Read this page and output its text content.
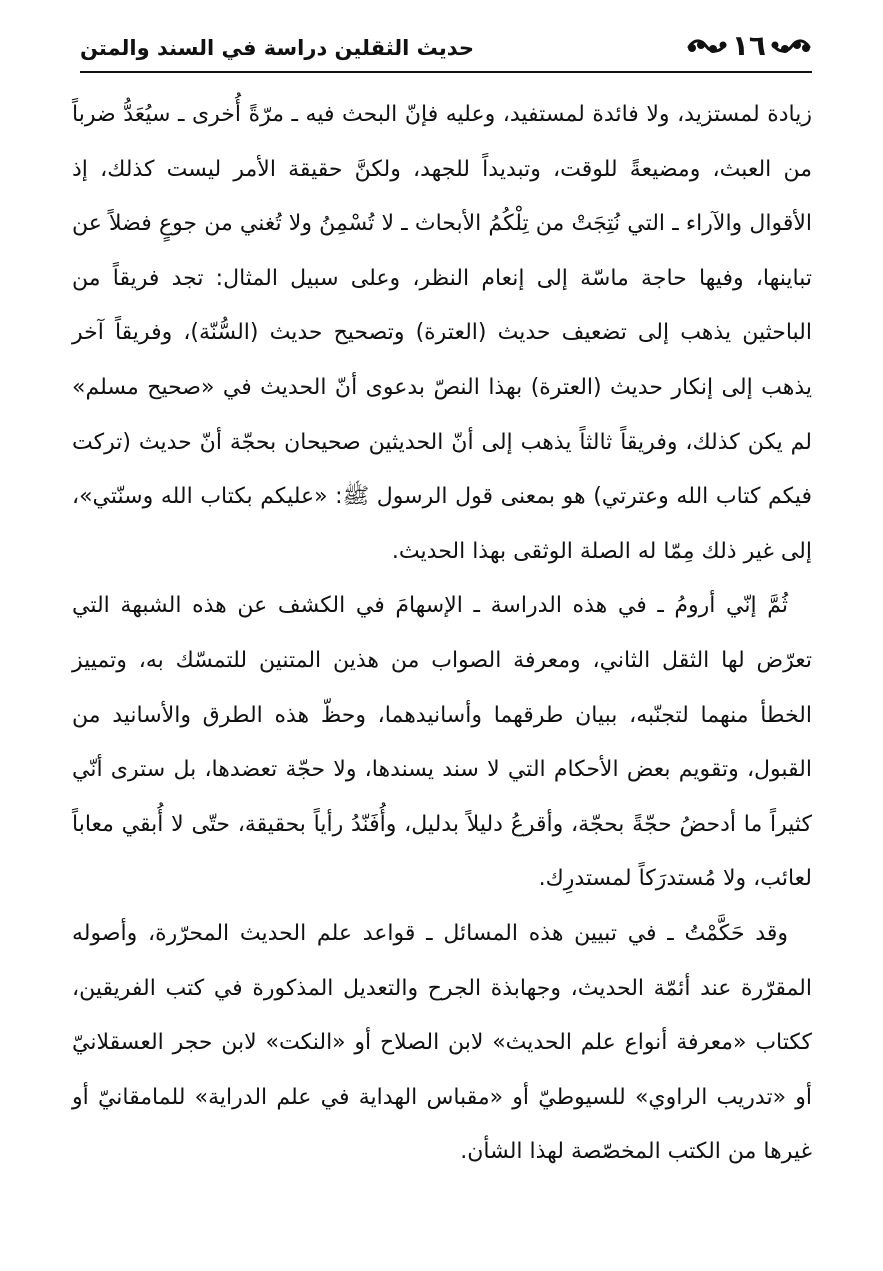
١٦
حديث الثقلين دراسة في السند والمتن

زيادة لمستزيد، ولا فائدة لمستفيد، وعليه فإنّ البحث فيه ـ مرّةً أُخرى ـ سيُعَدُّ ضرباً من العبث، ومضيعةً للوقت، وتبديداً للجهد، ولكنَّ حقيقة الأمر ليست كذلك، إذ الأقوال والآراء ـ التي نُتِجَتْ من تِلْكُمُ الأبحاث ـ لا تُسْمِنُ ولا تُغني من جوعٍ فضلاً عن تباينها، وفيها حاجة ماسّة إلى إنعام النظر، وعلى سبيل المثال: تجد فريقاً من الباحثين يذهب إلى تضعيف حديث (العترة) وتصحيح حديث (السُّنّة)، وفريقاً آخر يذهب إلى إنكار حديث (العترة) بهذا النصّ بدعوى أنّ الحديث في «صحيح مسلم» لم يكن كذلك، وفريقاً ثالثاً يذهب إلى أنّ الحديثين صحيحان بحجّة أنّ حديث (تركت فيكم كتاب الله وعترتي) هو بمعنى قول الرسول ﷺ: «عليكم بكتاب الله وسنّتي»، إلى غير ذلك مِمّا له الصلة الوثقى بهذا الحديث.

ثُمَّ إنّي أرومُ ـ في هذه الدراسة ـ الإسهامَ في الكشف عن هذه الشبهة التي تعرّض لها الثقل الثاني، ومعرفة الصواب من هذين المتنين للتمسّك به، وتمييز الخطأ منهما لتجنّبه، ببيان طرقهما وأسانيدهما، وحظّ هذه الطرق والأسانيد من القبول، وتقويم بعض الأحكام التي لا سند يسندها، ولا حجّة تعضدها، بل سترى أنّي كثيراً ما أدحضُ حجّةً بحجّة، وأقرعُ دليلاً بدليل، وأُفَنّدُ رأياً بحقيقة، حتّى لا أُبقي معاباً لعائب، ولا مُستدرَكاً لمستدرِك.

وقد حَكَّمْتُ ـ في تبيين هذه المسائل ـ قواعد علم الحديث المحرّرة، وأصوله المقرّرة عند أئمّة الحديث، وجهابذة الجرح والتعديل المذكورة في كتب الفريقين، ككتاب «معرفة أنواع علم الحديث» لابن الصلاح أو «النكت» لابن حجر العسقلانيّ أو «تدريب الراوي» للسيوطيّ أو «مقباس الهداية في علم الدراية» للمامقانيّ أو غيرها من الكتب المخصّصة لهذا الشأن.
